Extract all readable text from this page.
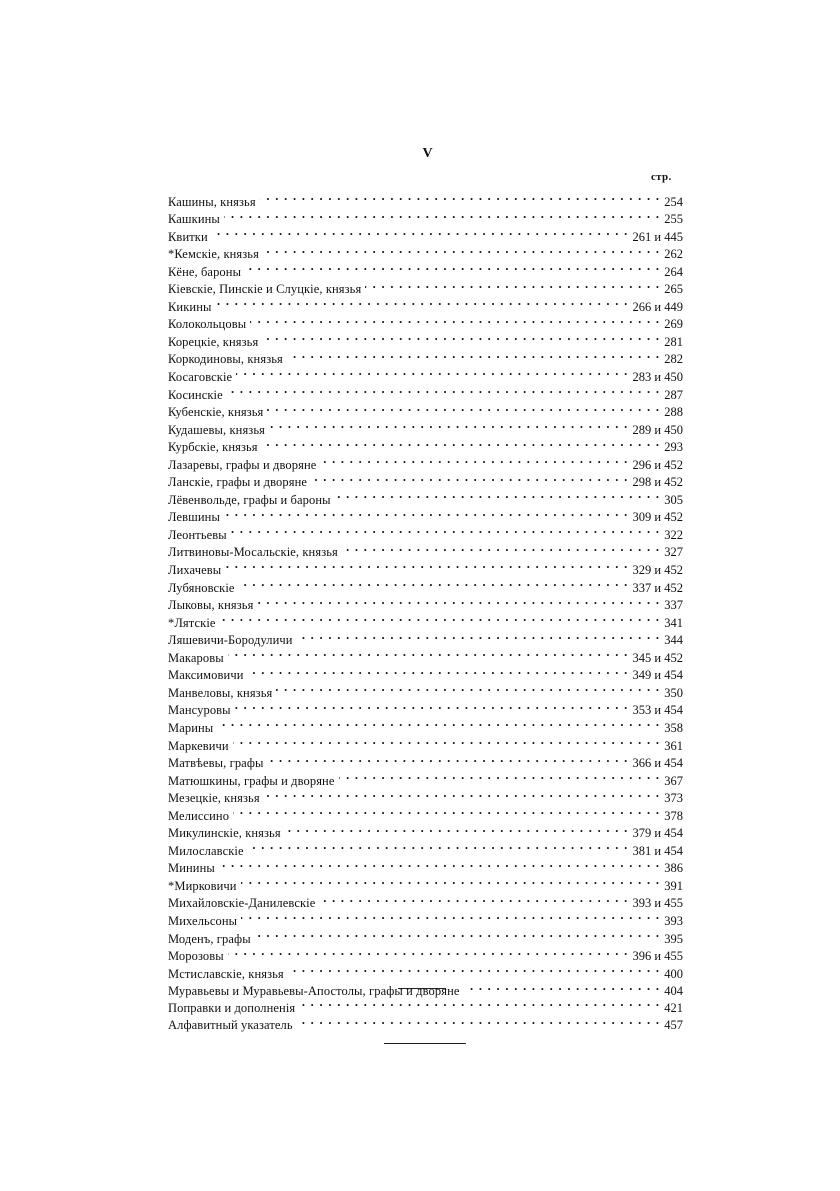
V
стр.
Кашины, князья . . .	254
Кашкины . . .	255
Квитки . . .	261 и 445
*Кемскіе, князья . . .	262
Кёне, бароны . . .	264
Кіевскіе, Пинскіе и Слуцкіе, князья . . .	265
Кикины . . .	266 и 449
Колокольцовы . . .	269
Корецкіе, князья . . .	281
Коркодиновы, князья . . .	282
Косаговскіе . . .	283 и 450
Косинскіе . . .	287
Кубенскіе, князья . . .	288
Кудашевы, князья . . .	289 и 450
Курбскіе, князья . . .	293
Лазаревы, графы и дворяне . . .	296 и 452
Ланскіе, графы и дворяне . . .	298 и 452
Лёвенвольде, графы и бароны . . .	305
Левшины . . .	309 и 452
Леонтьевы . . .	322
Литвиновы-Мосальскіе, князья . . .	327
Лихачевы . . .	329 и 452
Лубяновскіе . . .	337 и 452
Лыковы, князья . . .	337
*Лятскіе . . .	341
Ляшевичи-Бородуличи . . .	344
Макаровы . . .	345 и 452
Максимовичи . . .	349 и 454
Манвеловы, князья . . .	350
Мансуровы . . .	353 и 454
Марины . . .	358
Маркевичи . . .	361
Матвѣевы, графы . . .	366 и 454
Матюшкины, графы и дворяне . . .	367
Мезецкіе, князья . . .	373
Мелиссино . . .	378
Микулинскіе, князья . . .	379 и 454
Милославскіе . . .	381 и 454
Минины . . .	386
*Мирковичи . . .	391
Михайловскіе-Данилевскіе . . .	393 и 455
Михельсоны . . .	393
Моденъ, графы . . .	395
Морозовы . . .	396 и 455
Мстиславскіе, князья . . .	400
Муравьевы и Муравьевы-Апостолы, графы и дворяне . . .	404
Поправки и дополненія . . .	421
Алфавитный указатель . . .	457
